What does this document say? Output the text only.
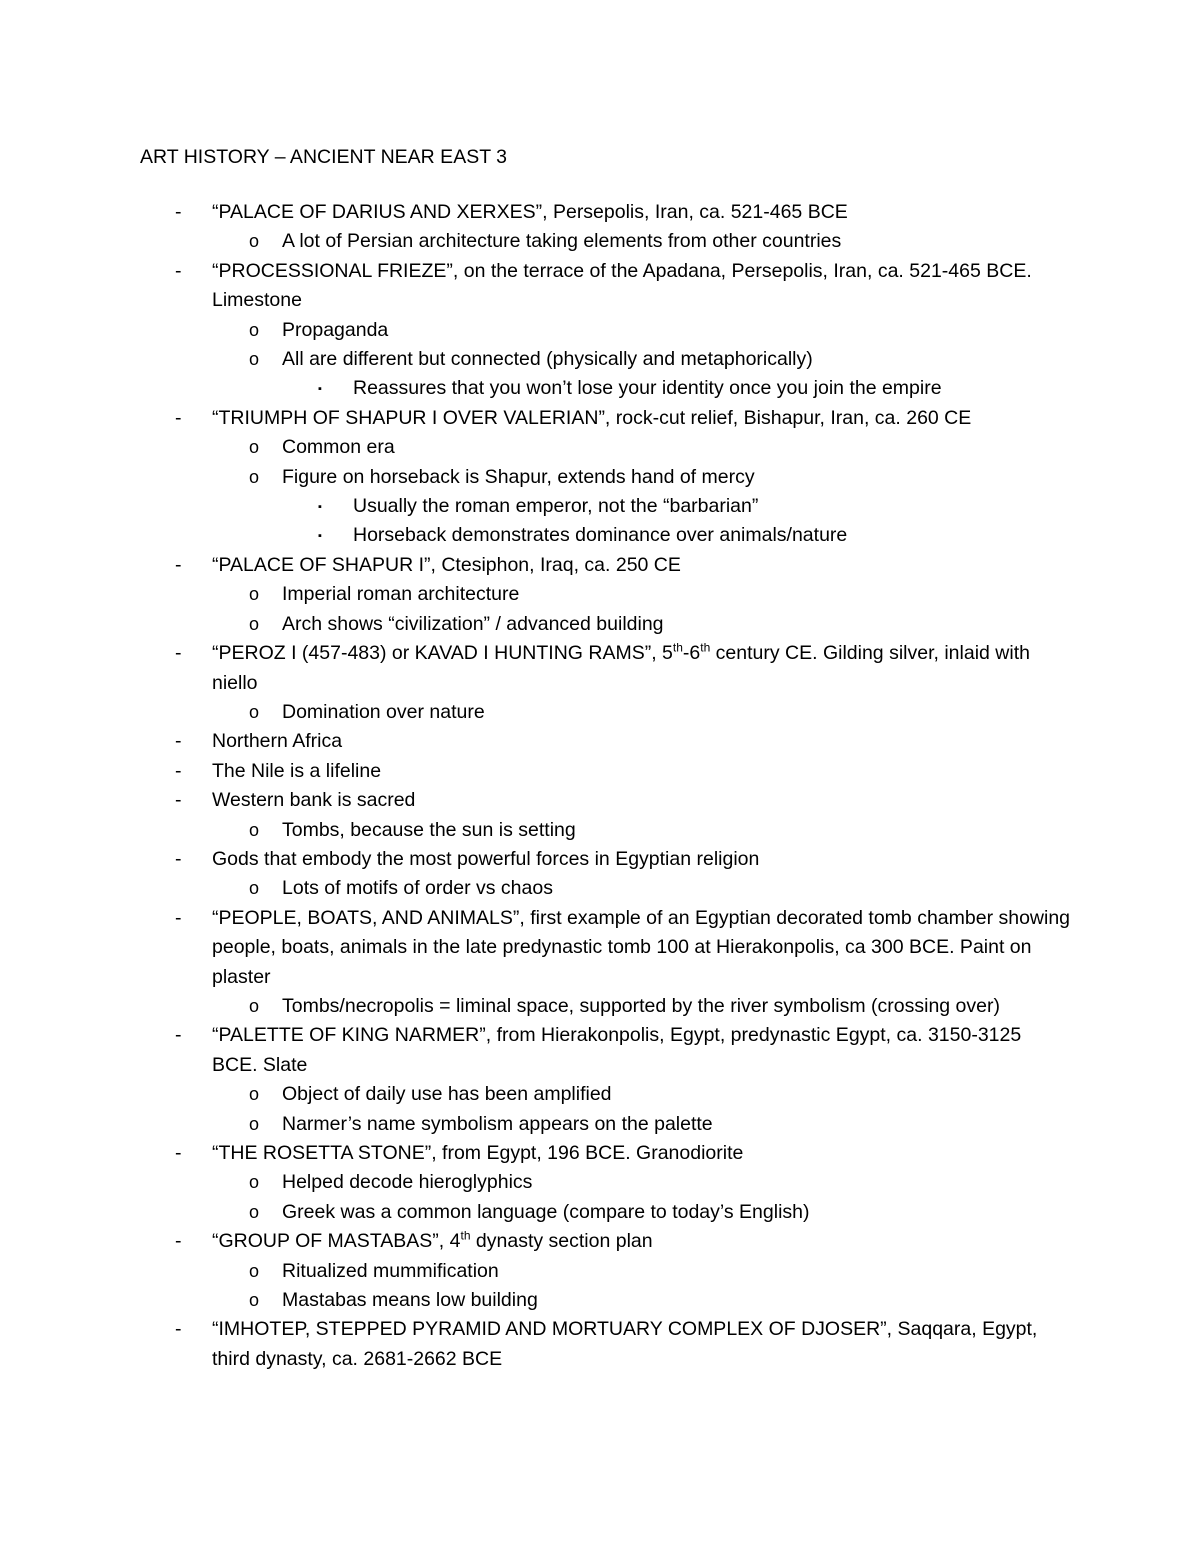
ART HISTORY – ANCIENT NEAR EAST 3
- “PALACE OF DARIUS AND XERXES”, Persepolis, Iran, ca. 521-465 BCE
o A lot of Persian architecture taking elements from other countries
- “PROCESSIONAL FRIEZE”, on the terrace of the Apadana, Persepolis, Iran, ca. 521-465 BCE. Limestone
o Propaganda
o All are different but connected (physically and metaphorically)
▪ Reassures that you won’t lose your identity once you join the empire
- “TRIUMPH OF SHAPUR I OVER VALERIAN”, rock-cut relief, Bishapur, Iran, ca. 260 CE
o Common era
o Figure on horseback is Shapur, extends hand of mercy
▪ Usually the roman emperor, not the “barbarian”
▪ Horseback demonstrates dominance over animals/nature
- “PALACE OF SHAPUR I”, Ctesiphon, Iraq, ca. 250 CE
o Imperial roman architecture
o Arch shows “civilization” / advanced building
- “PEROZ I (457-483) or KAVAD I HUNTING RAMS”, 5th-6th century CE. Gilding silver, inlaid with niello
o Domination over nature
- Northern Africa
- The Nile is a lifeline
- Western bank is sacred
o Tombs, because the sun is setting
- Gods that embody the most powerful forces in Egyptian religion
o Lots of motifs of order vs chaos
- “PEOPLE, BOATS, AND ANIMALS”, first example of an Egyptian decorated tomb chamber showing people, boats, animals in the late predynastic tomb 100 at Hierakonpolis, ca 300 BCE. Paint on plaster
o Tombs/necropolis = liminal space, supported by the river symbolism (crossing over)
- “PALETTE OF KING NARMER”, from Hierakonpolis, Egypt, predynastic Egypt, ca. 3150-3125 BCE. Slate
o Object of daily use has been amplified
o Narmer’s name symbolism appears on the palette
- “THE ROSETTA STONE”, from Egypt, 196 BCE. Granodiorite
o Helped decode hieroglyphics
o Greek was a common language (compare to today’s English)
- “GROUP OF MASTABAS”, 4th dynasty section plan
o Ritualized mummification
o Mastabas means low building
- “IMHOTEP, STEPPED PYRAMID AND MORTUARY COMPLEX OF DJOSER”, Saqqara, Egypt, third dynasty, ca. 2681-2662 BCE
